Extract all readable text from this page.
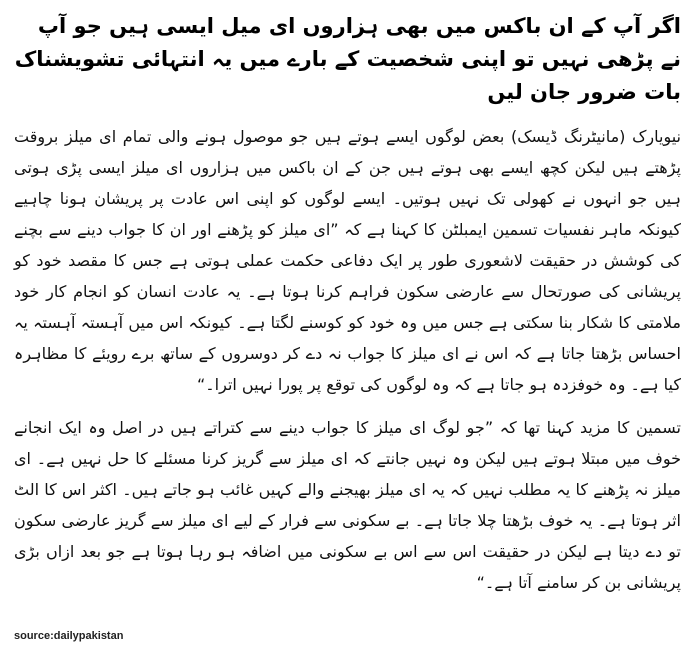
اگر آپ کے ان باکس میں بھی ہزاروں ای میل ایسی ہیں جو آپ نے پڑھی نہیں تو اپنی شخصیت کے بارے میں یہ انتہائی تشویشناک بات ضرور جان لیں

نیویارک (مانیٹرنگ ڈیسک) بعض لوگوں ایسے ہوتے ہیں جو موصول ہونے والی تمام ای میلز بروقت پڑھتے ہیں لیکن کچھ ایسے بھی ہوتے ہیں جن کے ان باکس میں ہزاروں ای میلز ایسی پڑی ہوتی ہیں جو انہوں نے کھولی تک نہیں ہوتیں۔ ایسے لوگوں کو اپنی اس عادت پر پریشان ہونا چاہیے کیونکہ ماہر نفسیات تسمین ایمبلٹن کا کہنا ہے کہ ”ای میلز کو پڑھنے اور ان کا جواب دینے سے بچنے کی کوشش در حقیقت لاشعوری طور پر ایک دفاعی حکمت عملی ہوتی ہے جس کا مقصد خود کو پریشانی کی صورتحال سے عارضی سکون فراہم کرنا ہوتا ہے۔ یہ عادت انسان کو انجام کار خود ملامتی کا شکار بنا سکتی ہے جس میں وہ خود کو کوسنے لگتا ہے۔ کیونکہ اس میں آہستہ آہستہ یہ احساس بڑھتا جاتا ہے کہ اس نے ای میلز کا جواب نہ دے کر دوسروں کے ساتھ برے رویئے کا مظاہرہ کیا ہے۔ وہ خوفزدہ ہو جاتا ہے کہ وہ لوگوں کی توقع پر پورا نہیں اترا۔“

تسمین کا مزید کہنا تھا کہ ”جو لوگ ای میلز کا جواب دینے سے کتراتے ہیں در اصل وہ ایک انجانے خوف میں مبتلا ہوتے ہیں لیکن وہ نہیں جانتے کہ ای میلز سے گریز کرنا مسئلے کا حل نہیں ہے۔ ای میلز نہ پڑھنے کا یہ مطلب نہیں کہ یہ ای میلز بھیجنے والے کہیں غائب ہو جاتے ہیں۔ اکثر اس کا الٹ اثر ہوتا ہے۔ یہ خوف بڑھتا چلا جاتا ہے۔ بے سکونی سے فرار کے لیے ای میلز سے گریز عارضی سکون تو دے دیتا ہے لیکن در حقیقت اس سے اس بے سکونی میں اضافہ ہو رہا ہوتا ہے جو بعد ازاں بڑی پریشانی بن کر سامنے آتا ہے۔“

source:dailypakistan
